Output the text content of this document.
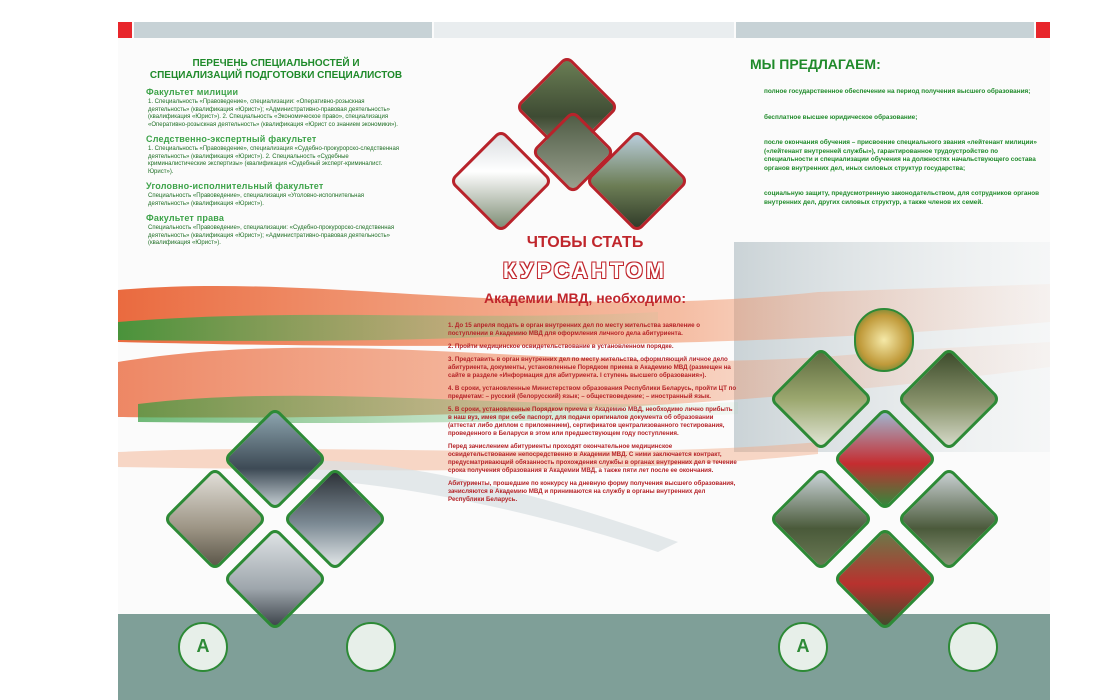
ПЕРЕЧЕНЬ СПЕЦИАЛЬНОСТЕЙ И СПЕЦИАЛИЗАЦИЙ ПОДГОТОВКИ СПЕЦИАЛИСТОВ
Факультет милиции
1. Специальность «Правоведение», специализации: «Оперативно-розыскная деятельность» (квалификация «Юрист»); «Административно-правовая деятельность» (квалификация «Юрист»). 2. Специальность «Экономическое право», специализация «Оперативно-розыскная деятельность» (квалификация «Юрист со знанием экономики»).
Следственно-экспертный факультет
1. Специальность «Правоведение», специализация «Судебно-прокурорско-следственная деятельность» (квалификация «Юрист»). 2. Специальность «Судебные криминалистические экспертизы» (квалификация «Судебный эксперт-криминалист. Юрист»).
Уголовно-исполнительный факультет
Специальность «Правоведение», специализация «Уголовно-исполнительная деятельность» (квалификация «Юрист»).
Факультет права
Специальность «Правоведение», специализации: «Судебно-прокурорско-следственная деятельность» (квалификация «Юрист»); «Административно-правовая деятельность» (квалификация «Юрист»).	ЧТОБЫ СТАТЬ
КУРСАНТОМ
Академии МВД, необходимо:

1. До 15 апреля подать в орган внутренних дел по месту жительства заявление о поступлении в Академию МВД для оформления личного дела абитуриента.

2. Пройти медицинское освидетельствование в установленном порядке.

3. Представить в орган внутренних дел по месту жительства, оформляющий личное дело абитуриента, документы, установленные Порядком приема в Академию МВД (размещен на сайте в разделе «Информация для абитуриента. I ступень высшего образования»).

4. В сроки, установленные Министерством образования Республики Беларусь, пройти ЦТ по предметам: – русский (белорусский) язык; – обществоведение; – иностранный язык.

5. В сроки, установленные Порядком приема в Академию МВД, необходимо лично прибыть в наш вуз, имея при себе паспорт, для подачи оригиналов документа об образовании (аттестат либо диплом с приложением), сертификатов централизованного тестирования, проведенного в Беларуси в этом или предшествующем году поступления.

Перед зачислением абитуриенты проходят окончательное медицинское освидетельствование непосредственно в Академии МВД. С ними заключается контракт, предусматривающий обязанность прохождения службы в органах внутренних дел в течение срока получения образования в Академии МВД, а также пяти лет после ее окончания.

Абитуриенты, прошедшие по конкурсу на дневную форму получения высшего образования, зачисляются в Академию МВД и принимаются на службу в органы внутренних дел Республики Беларусь.

МЫ ПРЕДЛАГАЕМ:

полное государственное обеспечение на период получения высшего образования;

бесплатное высшее юридическое образование;

после окончания обучения – присвоение специального звания «лейтенант милиции» («лейтенант внутренней службы»), гарантированное трудоустройство по специальности и специализации обучения на должностях начальствующего состава органов внутренних дел, иных силовых структур государства;

социальную защиту, предусмотренную законодательством, для сотрудников органов внутренних дел, других силовых структур, а также членов их семей.

А	А
